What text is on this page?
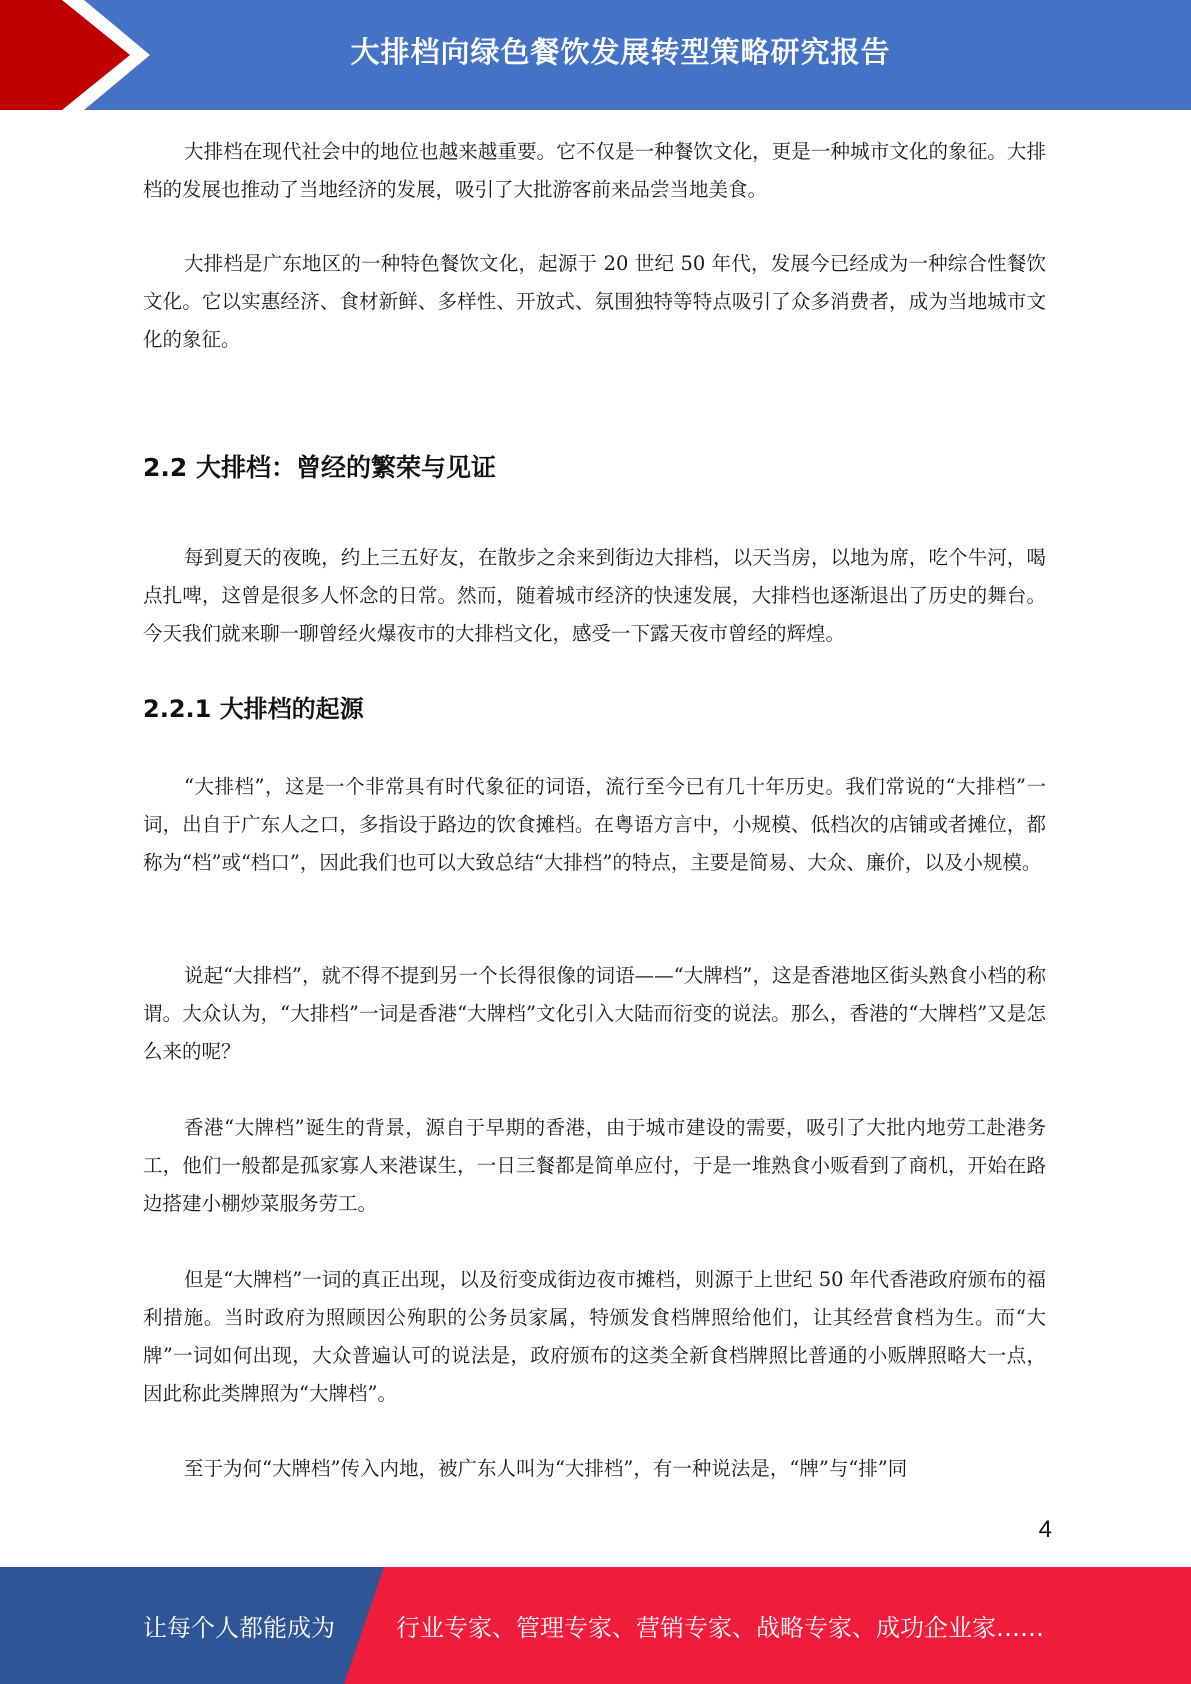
大排档向绿色餐饮发展转型策略研究报告

大排档在现代社会中的地位也越来越重要。它不仅是一种餐饮文化，更是一种城市文化的象征。大排档的发展也推动了当地经济的发展，吸引了大批游客前来品尝当地美食。

大排档是广东地区的一种特色餐饮文化，起源于 20 世纪 50 年代，发展今已经成为一种综合性餐饮文化。它以实惠经济、食材新鲜、多样性、开放式、氛围独特等特点吸引了众多消费者，成为当地城市文化的象征。

2.2 大排档：曾经的繁荣与见证

每到夏天的夜晚，约上三五好友，在散步之余来到街边大排档，以天当房，以地为席，吃个牛河，喝点扎啤，这曾是很多人怀念的日常。然而，随着城市经济的快速发展，大排档也逐渐退出了历史的舞台。今天我们就来聊一聊曾经火爆夜市的大排档文化，感受一下露天夜市曾经的辉煌。

2.2.1 大排档的起源

“大排档”，这是一个非常具有时代象征的词语，流行至今已有几十年历史。我们常说的“大排档”一词，出自于广东人之口，多指设于路边的饮食摊档。在粤语方言中，小规模、低档次的店铺或者摊位，都称为“档”或“档口”，因此我们也可以大致总结“大排档”的特点，主要是简易、大众、廉价，以及小规模。

说起“大排档”，就不得不提到另一个长得很像的词语——“大牌档”，这是香港地区街头熟食小档的称谓。大众认为，“大排档”一词是香港“大牌档”文化引入大陆而衍变的说法。那么，香港的“大牌档”又是怎么来的呢？

香港“大牌档”诞生的背景，源自于早期的香港，由于城市建设的需要，吸引了大批内地劳工赴港务工，他们一般都是孤家寡人来港谋生，一日三餐都是简单应付，于是一堆熟食小贩看到了商机，开始在路边搭建小棚炒菜服务劳工。

但是“大牌档”一词的真正出现，以及衍变成街边夜市摊档，则源于上世纪 50 年代香港政府颁布的福利措施。当时政府为照顾因公殉职的公务员家属，特颁发食档牌照给他们，让其经营食档为生。而“大牌”一词如何出现，大众普遍认可的说法是，政府颁布的这类全新食档牌照比普通的小贩牌照略大一点，因此称此类牌照为“大牌档”。

至于为何“大牌档”传入内地，被广东人叫为“大排档”，有一种说法是，“牌”与“排”同

4
让每个人都能成为	行业专家、管理专家、营销专家、战略专家、成功企业家……
